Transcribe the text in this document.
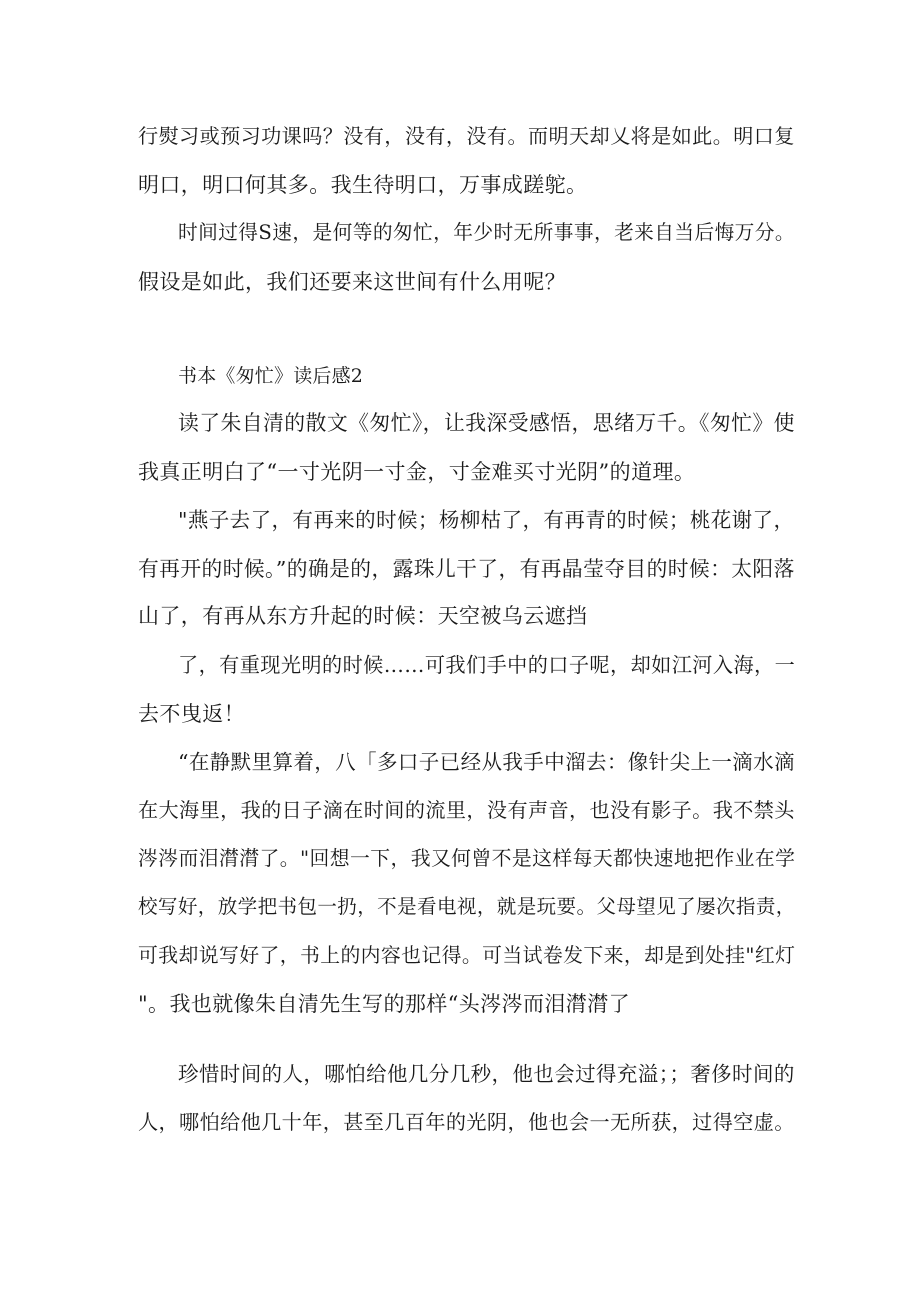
行熨习或预习功课吗？没有，没有，没有。而明天却乂将是如此。明口复
明口，明口何其多。我生待明口，万事成蹉鸵。
时间过得S速，是何等的匆忙，年少时无所事事，老来自当后悔万分。
假设是如此，我们还要来这世间有什么用呢？
书本《匆忙》读后感2
读了朱自清的散文《匆忙》，让我深受感悟，思绪万千。《匆忙》使
我真正明白了“一寸光阴一寸金，寸金难买寸光阴”的道理。
"燕子去了，有再来的时候；杨柳枯了，有再青的时候；桃花谢了，
有再开的时候。”的确是的，露珠儿干了，有再晶莹夺目的时候：太阳落
山了，有再从东方升起的时候：天空被乌云遮挡
了，有重现光明的时候……可我们手中的口子呢，却如江河入海，一
去不曳返！
“在静默里算着，八「多口子已经从我手中溜去：像针尖上一滴水滴
在大海里，我的日子滴在时间的流里，没有声音，也没有影子。我不禁头
涔涔而泪潸潸了。"回想一下，我又何曾不是这样每天都快速地把作业在学
校写好，放学把书包一扔，不是看电视，就是玩要。父母望见了屡次指责，
可我却说写好了，书上的内容也记得。可当试卷发下来，却是到处挂"红灯
"。我也就像朱自清先生写的那样“头涔涔而泪潸潸了
珍惜时间的人，哪怕给他几分几秒，他也会过得充溢；；奢侈时间的
人，哪怕给他几十年，甚至几百年的光阴，他也会一无所获，过得空虚。
